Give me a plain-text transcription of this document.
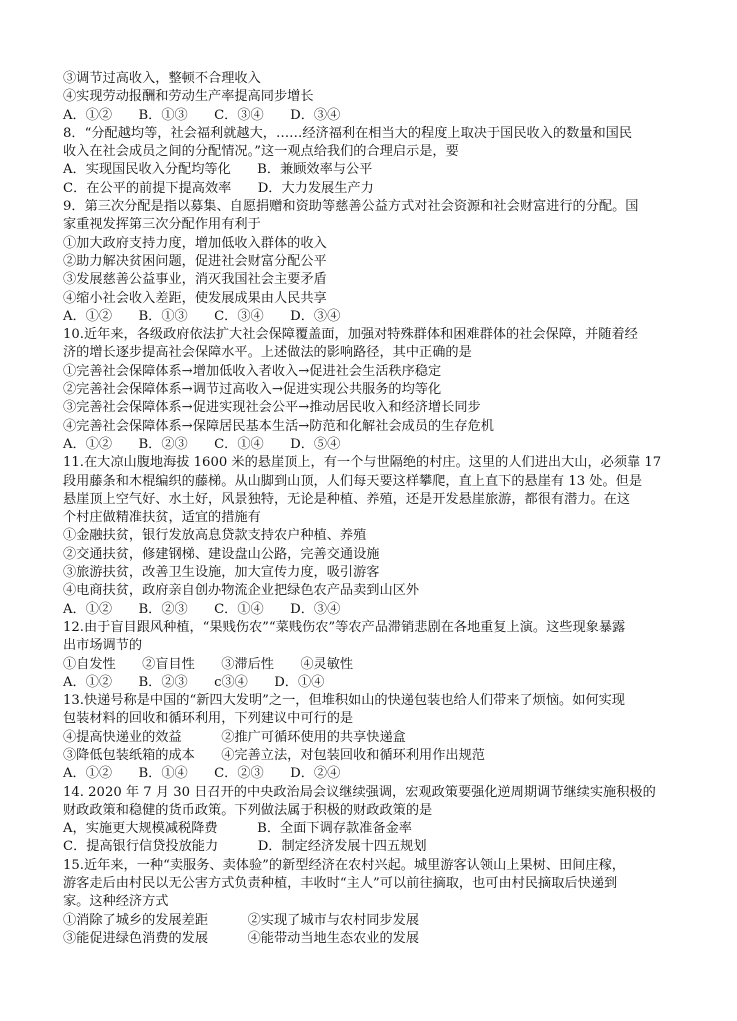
③调节过高收入，整顿不合理收入
④实现劳动报酬和劳动生产率提高同步增长
A．①②　　B．①③　　C．③④　　D．③④
8．“分配越均等，社会福利就越大，……经济福利在相当大的程度上取决于国民收入的数量和国民
收入在社会成员之间的分配情况。”这一观点给我们的合理启示是，要
A．实现国民收入分配均等化　　B．兼顾效率与公平
C．在公平的前提下提高效率　　D．大力发展生产力
9．第三次分配是指以募集、自愿捐赠和资助等慈善公益方式对社会资源和社会财富进行的分配。国
家重视发挥第三次分配作用有利于
①加大政府支持力度，增加低收入群体的收入
②助力解决贫困问题，促进社会财富分配公平
③发展慈善公益事业，消灭我国社会主要矛盾
④缩小社会收入差距，使发展成果由人民共享
A．①②　　B．①③　　C．③④　　D．③④
10.近年来，各级政府依法扩大社会保障覆盖面，加强对特殊群体和困难群体的社会保障，并随着经
济的增长逐步提高社会保障水平。上述做法的影响路径，其中正确的是
①完善社会保障体系→增加低收入者收入→促进社会生活秩序稳定
②完善社会保障体系→调节过高收入→促进实现公共服务的均等化
③完善社会保障体系→促进实现社会公平→推动居民收入和经济增长同步
④完善社会保障体系→保障居民基本生活→防范和化解社会成员的生存危机
A．①②　　B．②③　　C．①④　　D．⑤④
11.在大凉山腹地海拔 1600 米的悬崖顶上，有一个与世隔绝的村庄。这里的人们进出大山，必须靠 17
段用藤条和木棍编织的藤梯。从山脚到山顶，人们每天要这样攀爬，直上直下的悬崖有 13 处。但是
悬崖顶上空气好、水土好，风景独特，无论是种植、养殖，还是开发悬崖旅游，都很有潜力。在这
个村庄做精准扶贫，适宜的措施有
①金融扶贫，银行发放高息贷款支持农户种植、养殖
②交通扶贫，修建钢梯、建设盘山公路，完善交通设施
③旅游扶贫，改善卫生设施，加大宣传力度，吸引游客
④电商扶贫，政府亲自创办物流企业把绿色农产品卖到山区外
A．①②　　B．②③　　C．①④　　D．③④
12.由于盲目跟风种植，“果贱伤农”“菜贱伤农”等农产品滞销悲剧在各地重复上演。这些现象暴露
出市场调节的
①自发性　　②盲目性　　③滞后性　　④灵敏性
A．①②　　B．②③　　c③④　　D．①④
13.快递号称是中国的“新四大发明”之一，但堆积如山的快递包装也给人们带来了烦恼。如何实现
包装材料的回收和循环利用，下列建议中可行的是
④提高快递业的效益　　　②推广可循环使用的共享快递盒
③降低包装纸箱的成本　　④完善立法，对包装回收和循环利用作出规范
A．①②　　B．①④　　C．②③　　D．②④
14. 2020 年 7 月 30 日召开的中央政治局会议继续强调，宏观政策要强化逆周期调节继续实施积极的
财政政策和稳健的货币政策。下列做法属于积极的财政政策的是
A，实施更大规模减税降费　　　B．全面下调存款准备金率
C．提高银行信贷投放能力　　　D．制定经济发展十四五规划
15.近年来，一种“卖服务、卖体验”的新型经济在农村兴起。城里游客认领山上果树、田间庄稼，
游客走后由村民以无公害方式负责种植，丰收时“主人”可以前往摘取，也可由村民摘取后快递到
家。这种经济方式
①消除了城乡的发展差距　　　②实现了城市与农村同步发展
③能促进绿色消费的发展　　　④能带动当地生态农业的发展
